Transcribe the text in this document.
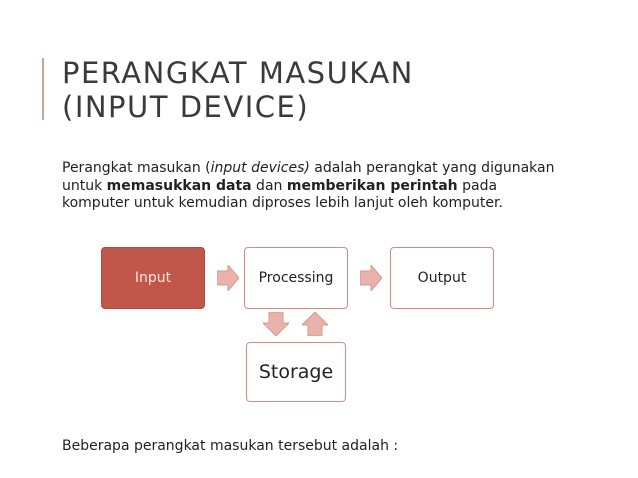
PERANGKAT MASUKAN
(INPUT DEVICE)

Perangkat masukan (input devices) adalah perangkat yang digunakan untuk memasukkan data dan memberikan perintah pada komputer untuk kemudian diproses lebih lanjut oleh komputer.

Input	Processing	Output
Storage

Beberapa perangkat masukan tersebut adalah :
